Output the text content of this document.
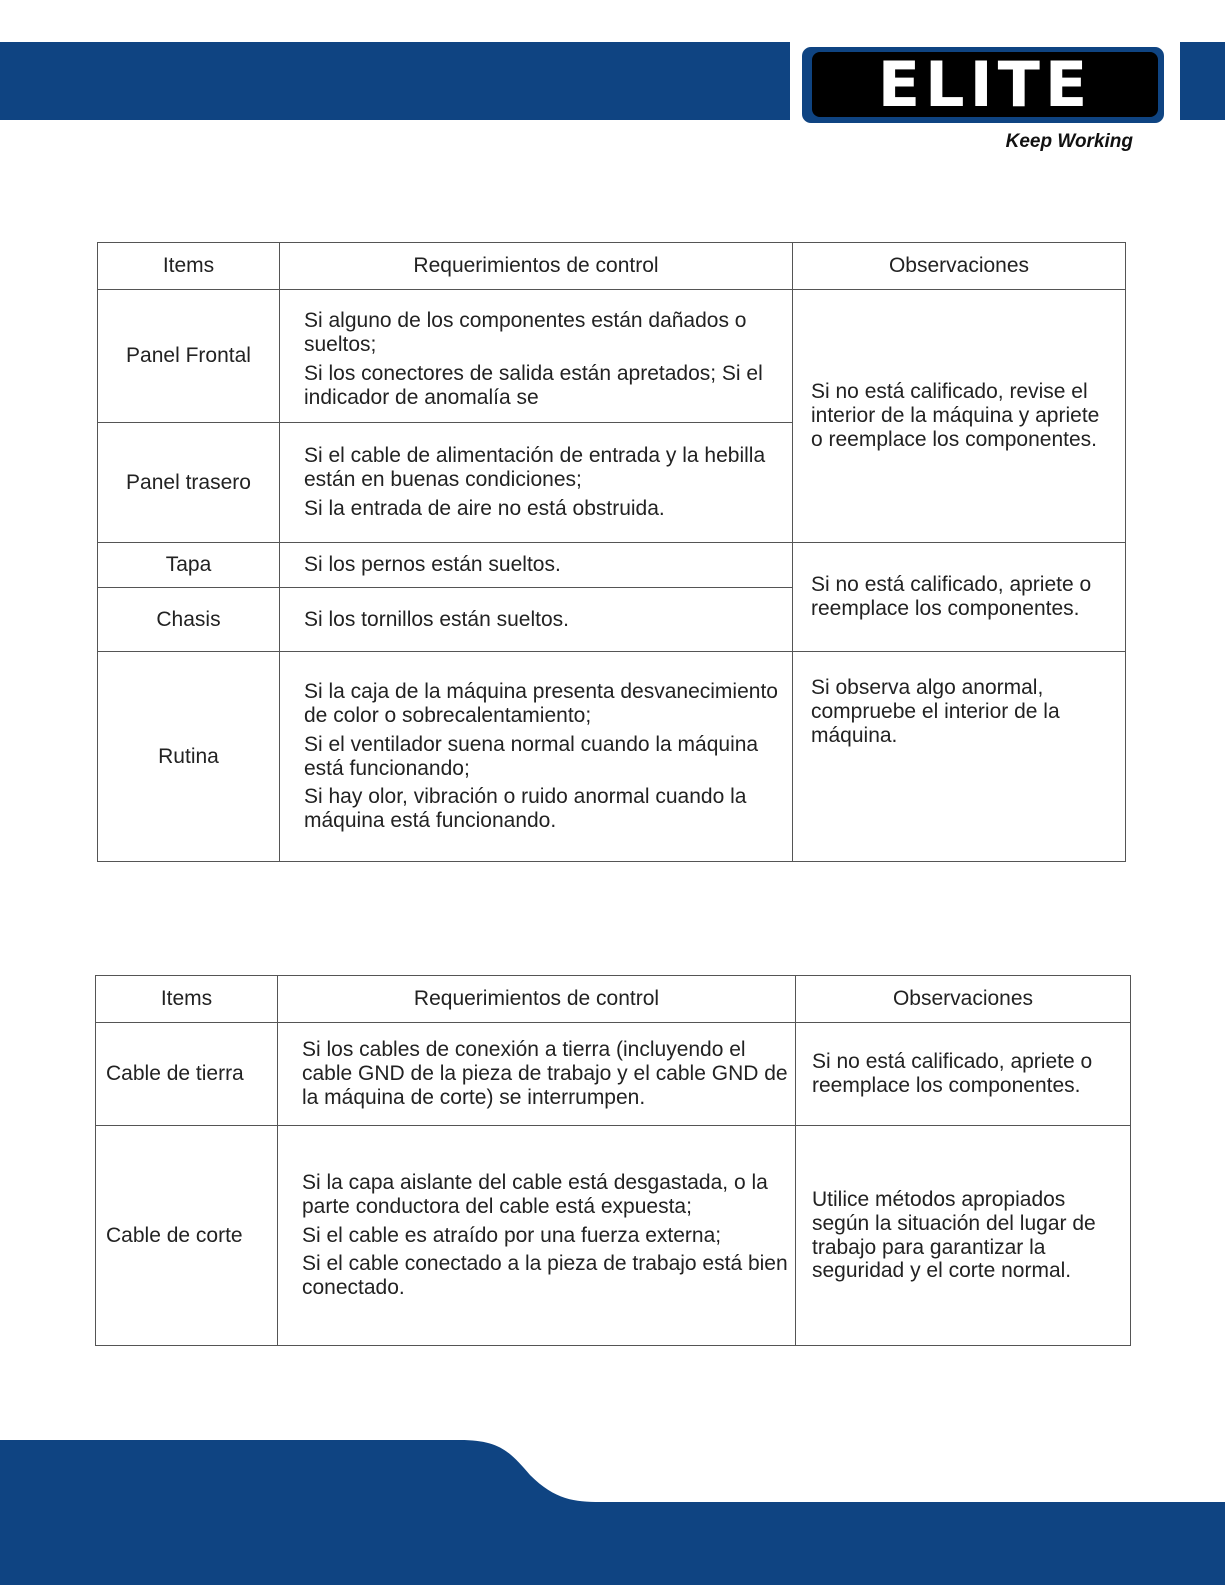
ELITE
Keep Working
Items	Requerimientos de control	Observaciones
Panel Frontal	Si alguno de los componentes están dañados o sueltos;
Si los conectores de salida están apretados; Si el indicador de anomalía se	Si no está calificado, revise el interior de la máquina y apriete o reemplace los componentes.
Panel trasero	Si el cable de alimentación de entrada y la hebilla están en buenas condiciones;
Si la entrada de aire no está obstruida.	

Tapa	Si los pernos están sueltos.	Si no está calificado, apriete o reemplace los componentes.
Chasis	Si los tornillos están sueltos.	
Rutina	Si la caja de la máquina presenta desvanecimiento de color o sobrecalentamiento;
Si el ventilador suena normal cuando la máquina está funcionando;
Si hay olor, vibración o ruido anormal cuando la máquina está funcionando.	Si observa algo anormal, compruebe el interior de la máquina.
Items	Requerimientos de control	Observaciones
Cable de tierra	Si los cables de conexión a tierra (incluyendo el cable GND de la pieza de trabajo y el cable GND de la máquina de corte) se interrumpen.	Si no está calificado, apriete o reemplace los componentes.
Cable de corte	Si la capa aislante del cable está desgastada, o la parte conductora del cable está expuesta;
Si el cable es atraído por una fuerza externa;
Si el cable conectado a la pieza de trabajo está bien conectado.	Utilice métodos apropiados según la situación del lugar de trabajo para garantizar la seguridad y el corte normal.
